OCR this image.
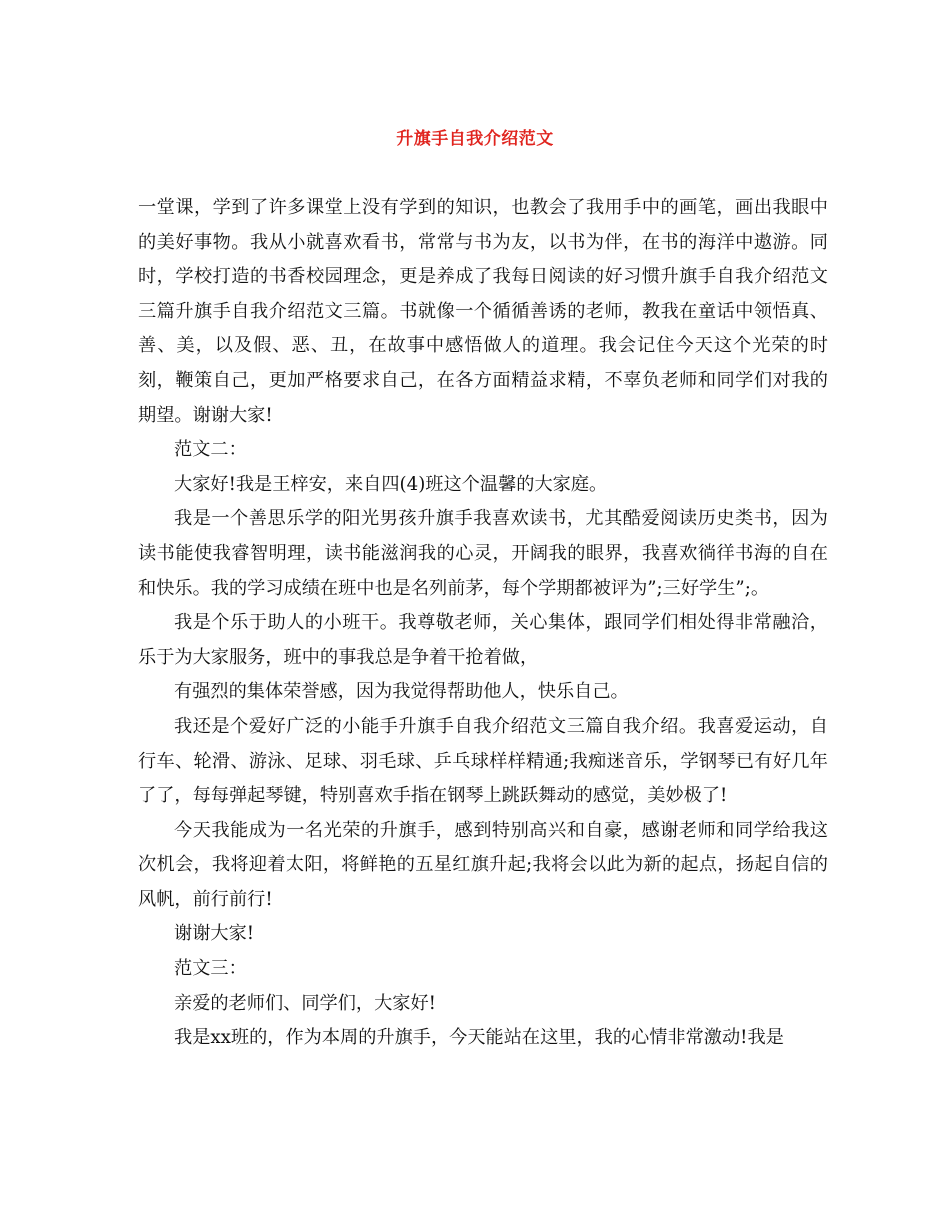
升旗手自我介绍范文

一堂课，学到了许多课堂上没有学到的知识，也教会了我用手中的画笔，画出我眼中的美好事物。我从小就喜欢看书，常常与书为友，以书为伴，在书的海洋中遨游。同时，学校打造的书香校园理念，更是养成了我每日阅读的好习惯升旗手自我介绍范文三篇升旗手自我介绍范文三篇。书就像一个循循善诱的老师，教我在童话中领悟真、善、美，以及假、恶、丑，在故事中感悟做人的道理。我会记住今天这个光荣的时刻，鞭策自己，更加严格要求自己，在各方面精益求精，不辜负老师和同学们对我的期望。谢谢大家!

范文二：

大家好!我是王梓安，来自四(4)班这个温馨的大家庭。

我是一个善思乐学的阳光男孩升旗手我喜欢读书，尤其酷爱阅读历史类书，因为读书能使我睿智明理，读书能滋润我的心灵，开阔我的眼界，我喜欢徜徉书海的自在和快乐。我的学习成绩在班中也是名列前茅，每个学期都被评为”;三好学生”;。

我是个乐于助人的小班干。我尊敬老师，关心集体，跟同学们相处得非常融洽，乐于为大家服务，班中的事我总是争着干抢着做，

有强烈的集体荣誉感，因为我觉得帮助他人，快乐自己。

我还是个爱好广泛的小能手升旗手自我介绍范文三篇自我介绍。我喜爱运动，自行车、轮滑、游泳、足球、羽毛球、乒乓球样样精通;我痴迷音乐，学钢琴已有好几年了了，每每弹起琴键，特别喜欢手指在钢琴上跳跃舞动的感觉，美妙极了!

今天我能成为一名光荣的升旗手，感到特别高兴和自豪，感谢老师和同学给我这次机会，我将迎着太阳，将鲜艳的五星红旗升起;我将会以此为新的起点，扬起自信的风帆，前行前行!

谢谢大家!

范文三：

亲爱的老师们、同学们，大家好!

我是xx班的，作为本周的升旗手，今天能站在这里，我的心情非常激动!我是
